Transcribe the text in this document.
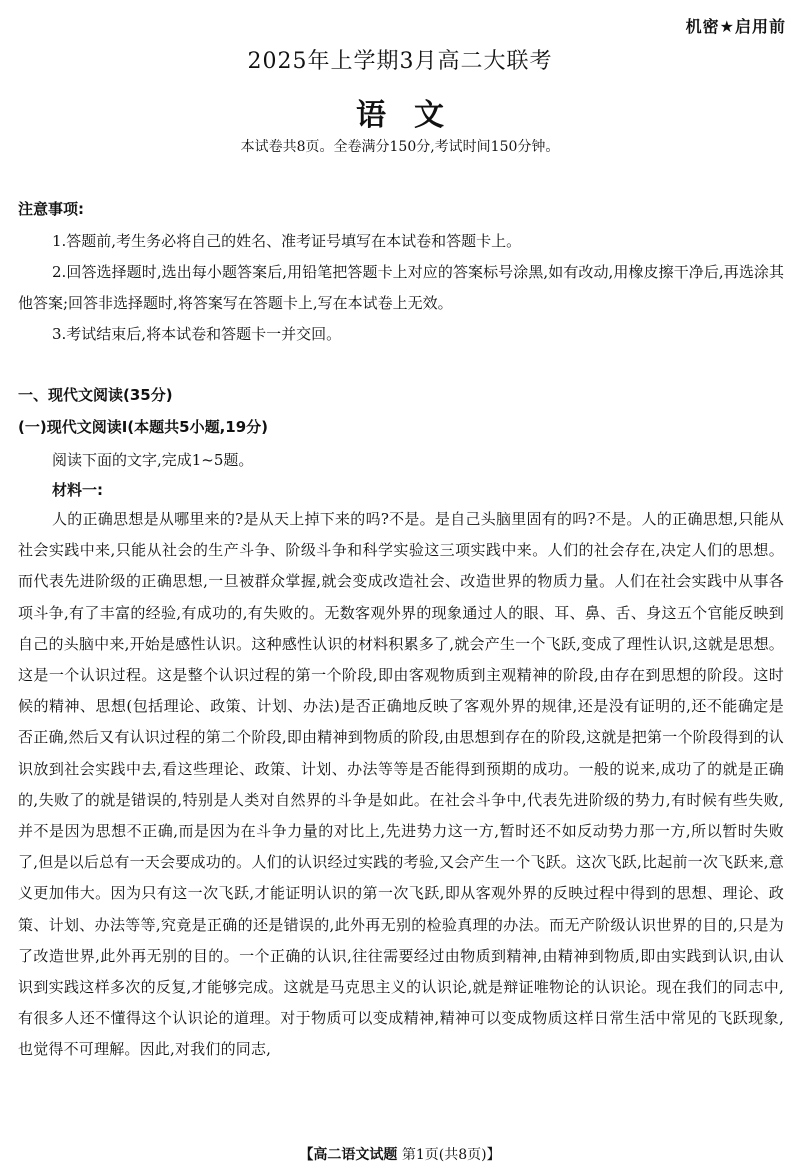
机密★启用前
2025年上学期3月高二大联考
语文
本试卷共8页。全卷满分150分,考试时间150分钟。
注意事项:
1.答题前,考生务必将自己的姓名、准考证号填写在本试卷和答题卡上。
2.回答选择题时,选出每小题答案后,用铅笔把答题卡上对应的答案标号涂黑,如有改动,用橡皮擦干净后,再选涂其他答案;回答非选择题时,将答案写在答题卡上,写在本试卷上无效。
3.考试结束后,将本试卷和答题卡一并交回。
一、现代文阅读(35分)
(一)现代文阅读Ⅰ(本题共5小题,19分)
阅读下面的文字,完成1~5题。
材料一:
人的正确思想是从哪里来的?是从天上掉下来的吗?不是。是自己头脑里固有的吗?不是。人的正确思想,只能从社会实践中来,只能从社会的生产斗争、阶级斗争和科学实验这三项实践中来。人们的社会存在,决定人们的思想。而代表先进阶级的正确思想,一旦被群众掌握,就会变成改造社会、改造世界的物质力量。人们在社会实践中从事各项斗争,有了丰富的经验,有成功的,有失败的。无数客观外界的现象通过人的眼、耳、鼻、舌、身这五个官能反映到自己的头脑中来,开始是感性认识。这种感性认识的材料积累多了,就会产生一个飞跃,变成了理性认识,这就是思想。这是一个认识过程。这是整个认识过程的第一个阶段,即由客观物质到主观精神的阶段,由存在到思想的阶段。这时候的精神、思想(包括理论、政策、计划、办法)是否正确地反映了客观外界的规律,还是没有证明的,还不能确定是否正确,然后又有认识过程的第二个阶段,即由精神到物质的阶段,由思想到存在的阶段,这就是把第一个阶段得到的认识放到社会实践中去,看这些理论、政策、计划、办法等等是否能得到预期的成功。一般的说来,成功了的就是正确的,失败了的就是错误的,特别是人类对自然界的斗争是如此。在社会斗争中,代表先进阶级的势力,有时候有些失败,并不是因为思想不正确,而是因为在斗争力量的对比上,先进势力这一方,暂时还不如反动势力那一方,所以暂时失败了,但是以后总有一天会要成功的。人们的认识经过实践的考验,又会产生一个飞跃。这次飞跃,比起前一次飞跃来,意义更加伟大。因为只有这一次飞跃,才能证明认识的第一次飞跃,即从客观外界的反映过程中得到的思想、理论、政策、计划、办法等等,究竟是正确的还是错误的,此外再无别的检验真理的办法。而无产阶级认识世界的目的,只是为了改造世界,此外再无别的目的。一个正确的认识,往往需要经过由物质到精神,由精神到物质,即由实践到认识,由认识到实践这样多次的反复,才能够完成。这就是马克思主义的认识论,就是辩证唯物论的认识论。现在我们的同志中,有很多人还不懂得这个认识论的道理。对于物质可以变成精神,精神可以变成物质这样日常生活中常见的飞跃现象,也觉得不可理解。因此,对我们的同志,
【高二语文试题 第1页(共8页)】
